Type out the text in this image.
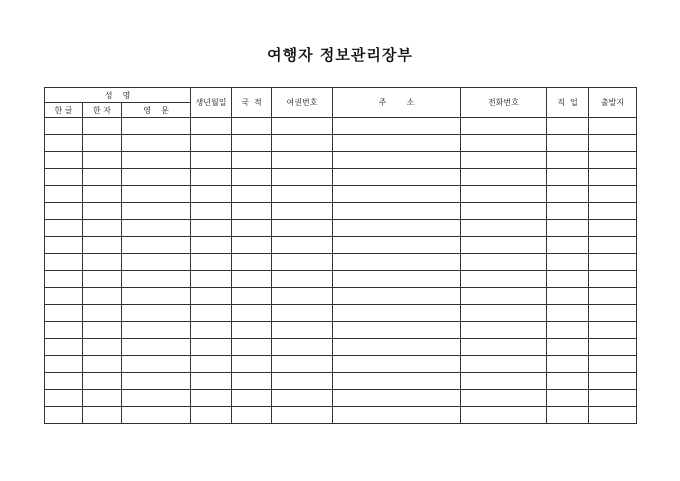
여행자 정보관리장부
성    명			생년월일	국  적	여권번호	주        소	전화번호	직  업	출발지
한 글	한 자	영    문							
